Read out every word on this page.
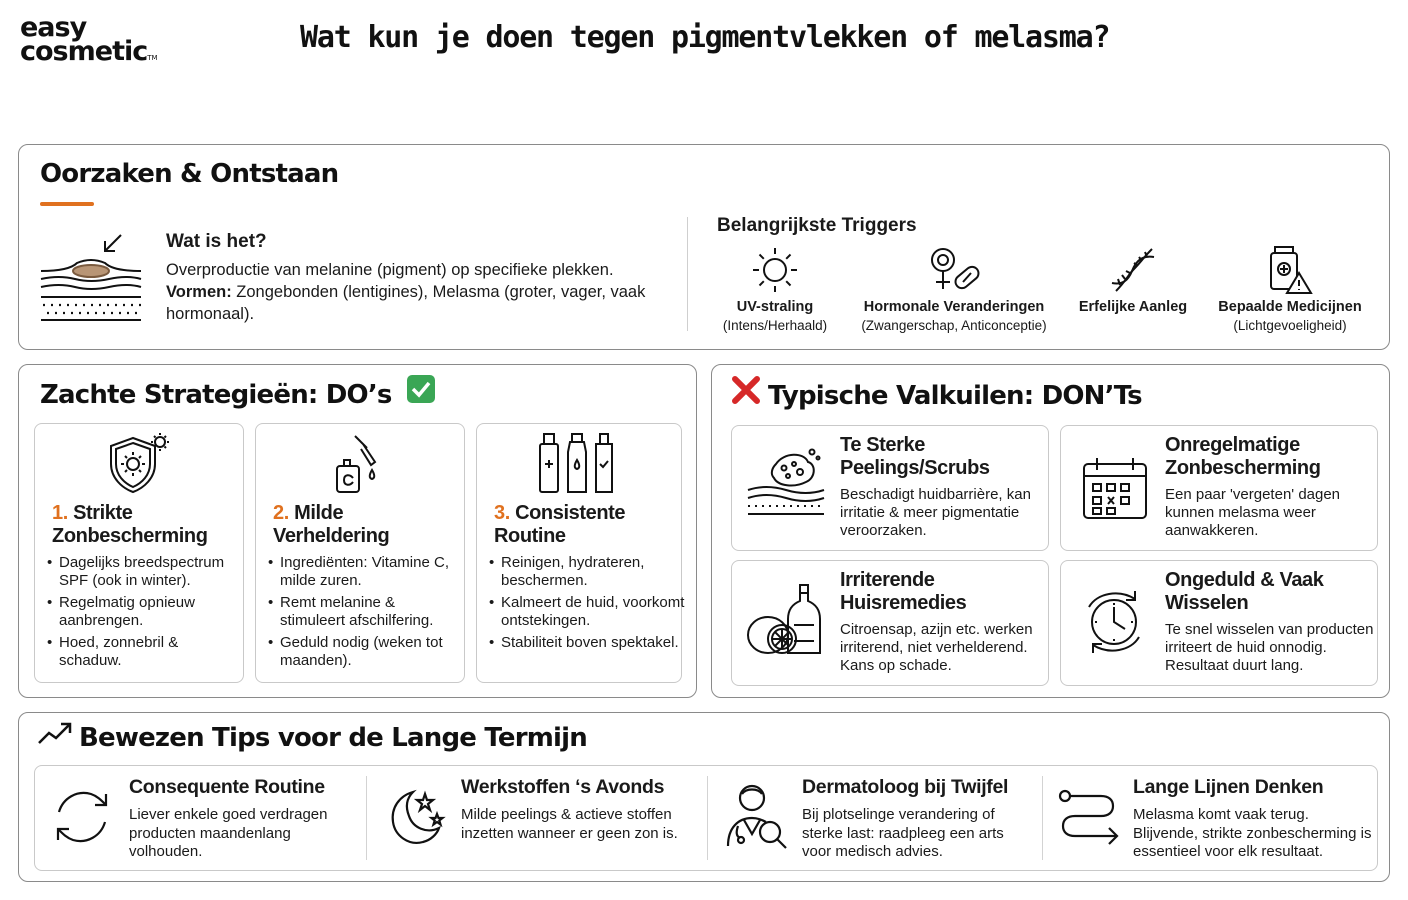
easy
cosmetic™
Wat kun je doen tegen pigmentvlekken of melasma?
Oorzaken & Ontstaan
Wat is het?
Overproductie van melanine (pigment) op specifieke plekken.
Vormen: Zongebonden (lentigines), Melasma (groter, vager, vaak hormonaal).
Belangrijkste Triggers
UV-straling
(Intens/Herhaald)
Hormonale Veranderingen
(Zwangerschap, Anticonceptie)
Erfelijke Aanleg	Bepaalde Medicijnen
(Lichtgevoeligheid)
Zachte Strategieën: DO’s
1. Strikte Zonbescherming
• Dagelijks breedspectrum SPF (ook in winter).
• Regelmatig opnieuw aanbrengen.
• Hoed, zonnebril & schaduw.
2. Milde Verheldering
• Ingrediënten: Vitamine C, milde zuren.
• Remt melanine & stimuleert afschilfering.
• Geduld nodig (weken tot maanden).
3. Consistente Routine
• Reinigen, hydrateren, beschermen.
• Kalmeert de huid, voorkomt ontstekingen.
• Stabiliteit boven spektakel.
Typische Valkuilen: DON’Ts
Te Sterke Peelings/Scrubs
Beschadigt huidbarrière, kan irritatie & meer pigmentatie veroorzaken.
Onregelmatige Zonbescherming
Een paar 'vergeten' dagen kunnen melasma weer aanwakkeren.
Irriterende Huisremedies
Citroensap, azijn etc. werken irriterend, niet verhelderend. Kans op schade.
Ongeduld & Vaak Wisselen
Te snel wisselen van producten irriteert de huid onnodig. Resultaat duurt lang.
Bewezen Tips voor de Lange Termijn
Consequente Routine
Liever enkele goed verdragen producten maandenlang volhouden.
Werkstoffen ‘s Avonds
Milde peelings & actieve stoffen inzetten wanneer er geen zon is.
Dermatoloog bij Twijfel
Bij plotselinge verandering of sterke last: raadpleeg een arts voor medisch advies.
Lange Lijnen Denken
Melasma komt vaak terug. Blijvende, strikte zonbescherming is essentieel voor elk resultaat.
